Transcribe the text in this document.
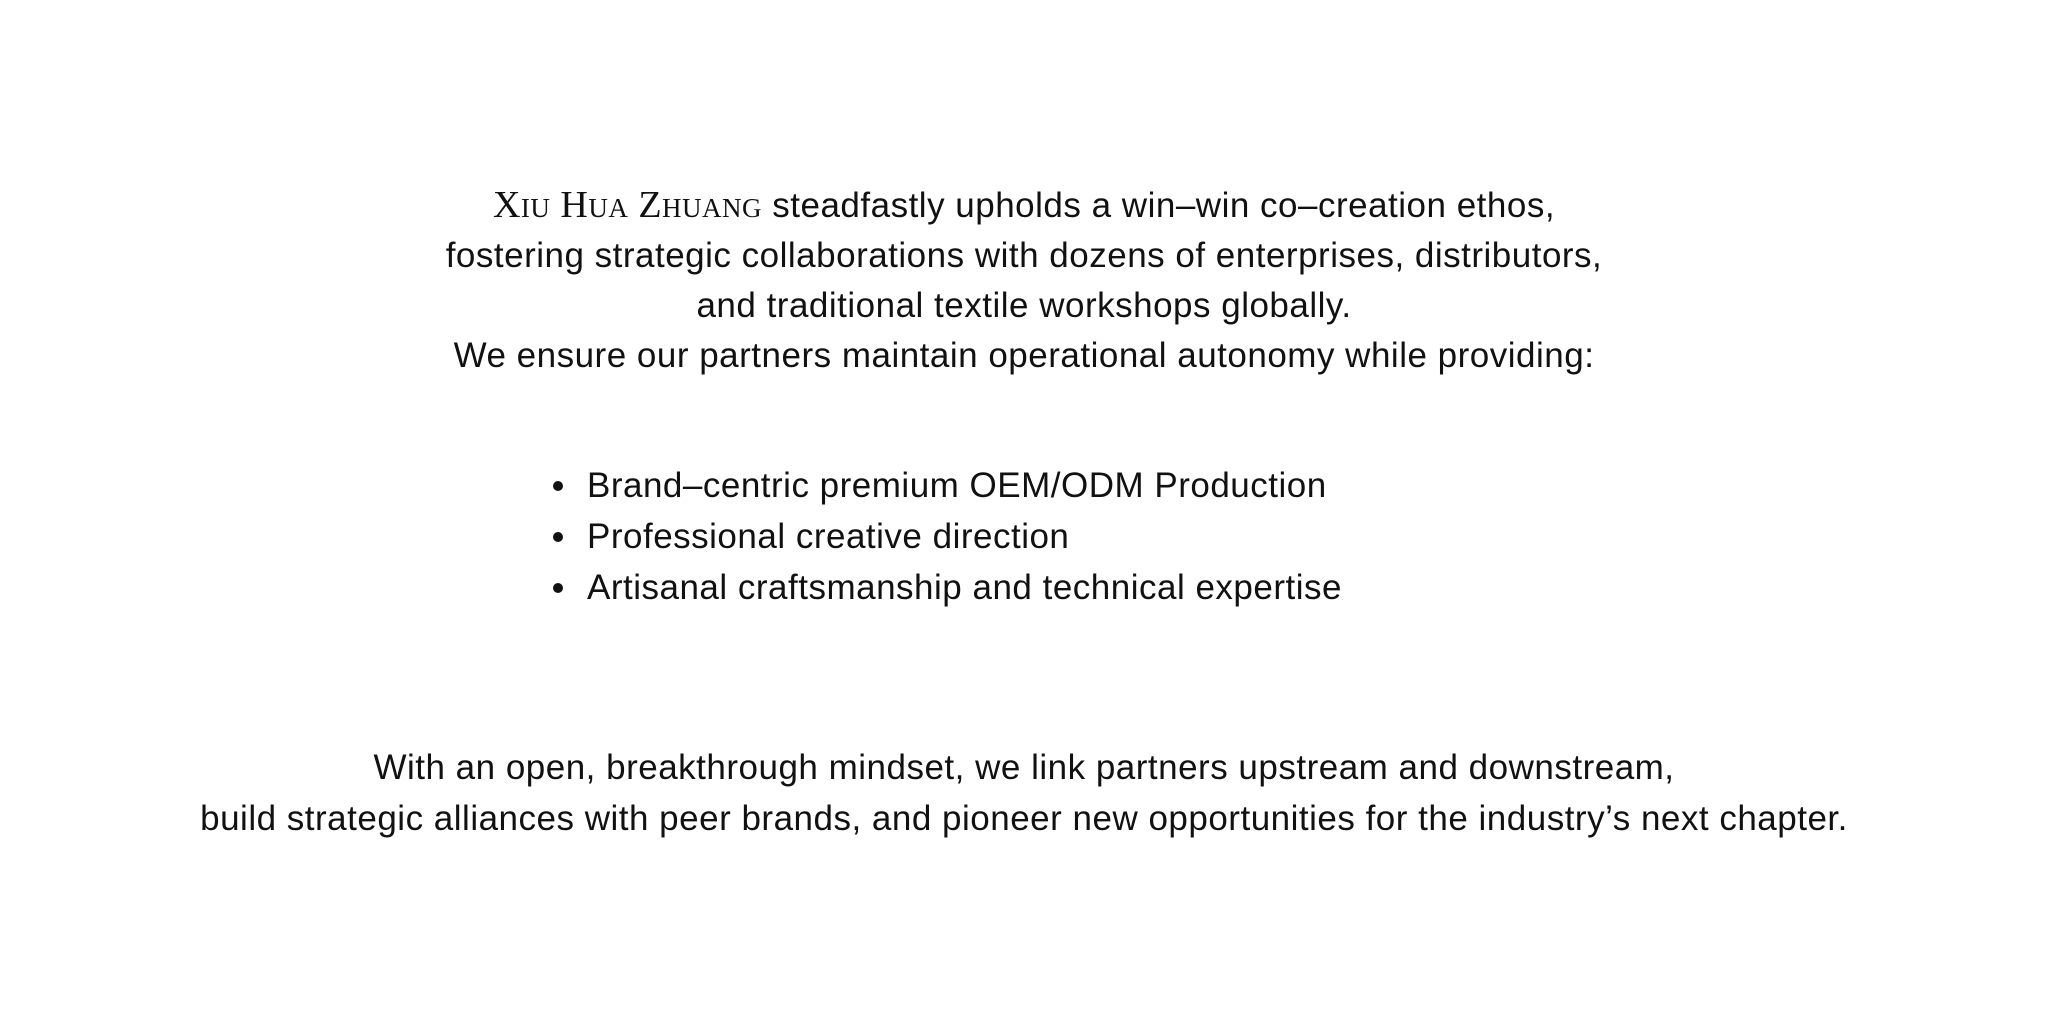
Xiu Hua Zhuang steadfastly upholds a win–win co–creation ethos,

fostering strategic collaborations with dozens of enterprises, distributors,

and traditional textile workshops globally.

We ensure our partners maintain operational autonomy while providing:

Brand–centric premium OEM/ODM Production
Professional creative direction
Artisanal craftsmanship and technical expertise

With an open, breakthrough mindset, we link partners upstream and downstream,

build strategic alliances with peer brands, and pioneer new opportunities for the industry’s next chapter.
